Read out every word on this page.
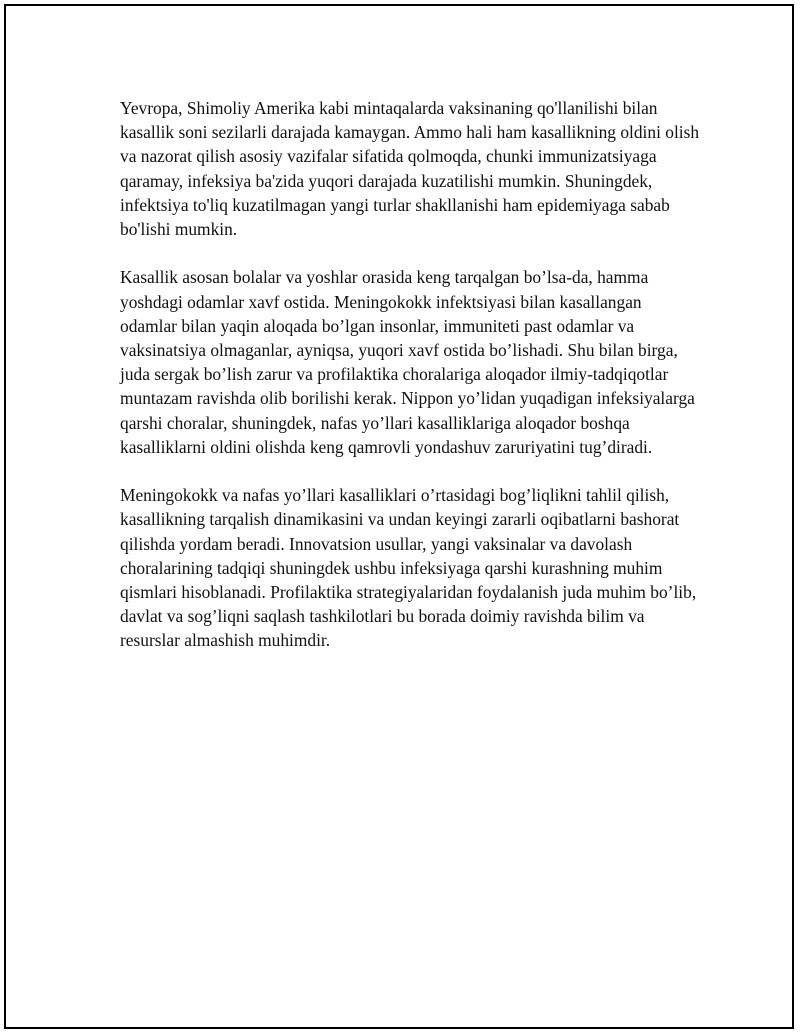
Yevropa, Shimoliy Amerika kabi mintaqalarda vaksinaning qo'llanilishi bilan kasallik soni sezilarli darajada kamaygan. Ammo hali ham kasallikning oldini olish va nazorat qilish asosiy vazifalar sifatida qolmoqda, chunki immunizatsiyaga qaramay, infeksiya ba'zida yuqori darajada kuzatilishi mumkin. Shuningdek, infektsiya to'liq kuzatilmagan yangi turlar shakllanishi ham epidemiyaga sabab bo'lishi mumkin.

Kasallik asosan bolalar va yoshlar orasida keng tarqalgan bo’lsa-da, hamma yoshdagi odamlar xavf ostida. Meningokokk infektsiyasi bilan kasallangan odamlar bilan yaqin aloqada bo’lgan insonlar, immuniteti past odamlar va vaksinatsiya olmaganlar, ayniqsa, yuqori xavf ostida bo’lishadi. Shu bilan birga, juda sergak bo’lish zarur va profilaktika choralariga aloqador ilmiy-tadqiqotlar muntazam ravishda olib borilishi kerak. Nippon yo’lidan yuqadigan infeksiyalarga qarshi choralar, shuningdek, nafas yo’llari kasalliklariga aloqador boshqa kasalliklarni oldini olishda keng qamrovli yondashuv zaruriyatini tug’diradi.

Meningokokk va nafas yo’llari kasalliklari o’rtasidagi bog’liqlikni tahlil qilish, kasallikning tarqalish dinamikasini va undan keyingi zararli oqibatlarni bashorat qilishda yordam beradi. Innovatsion usullar, yangi vaksinalar va davolash choralarining tadqiqi shuningdek ushbu infeksiyaga qarshi kurashning muhim qismlari hisoblanadi. Profilaktika strategiyalaridan foydalanish juda muhim bo’lib, davlat va sog’liqni saqlash tashkilotlari bu borada doimiy ravishda bilim va resurslar almashish muhimdir.
